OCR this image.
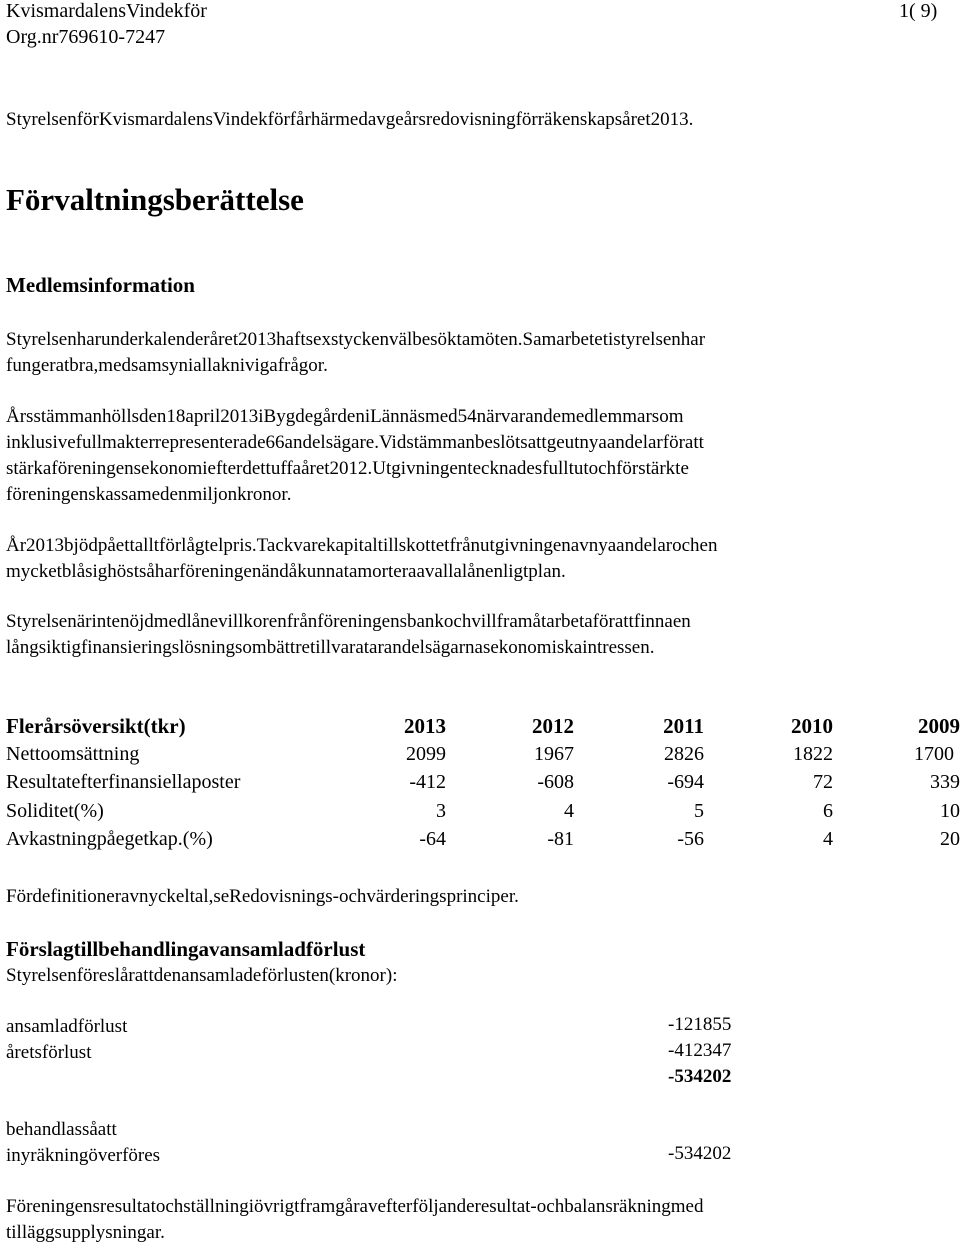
KvismardalensVindekför	1( 9)
Org.nr769610-7247
StyrelsenförKvismardalensVindekförfårhärmedavgeårsredovisningförräkenskapsåret2013.
Förvaltningsberättelse
Medlemsinformation
Styrelsenharunderkalenderåret2013haftsexstyckenvälbesöktamöten.Samarbetetistyrelsenhar
fungeratbra,medsamsyniallaknivigafrågor.
Årsstämmanhöllsden18april2013iBygdegårdeniLännäsmed54närvarandemedlemmarsom
inklusivefullmakterrepresenterade66andelsägare.Vidstämmanbeslötsattgeutnyaandelarföratt
stärkaföreningensekonomiefterdettuffaåret2012.Utgivningentecknadesfulltutochförstärkte
föreningenskassamedenmiljonkronor.
År2013bjödpåettalltförlågtelpris.Tackvarekapitaltillskottetfrånutgivningenavnyaandelarochen
mycketblåsighöstsåharföreningenändåkunnatamorteraavallalånenligtplan.
Styrelsenärintenöjdmedlånevillkorenfrånföreningensbankochvillframåtarbetaförattfinnaen
långsiktigfinansieringslösningsombättretillvaratarandelsägarnasekonomiskaintressen.
Flerårsöversikt(tkr)	2013	2012	2011	2010	2009
Nettoomsättning	2099	1967	2826	1822	1700
Resultatefterfinansiellaposter	-412	-608	-694	72	339
Soliditet(%)	3	4	5	6	10
Avkastningpåegetkap.(%)	-64	-81	-56	4	20
Fördefinitioneravnyckeltal,seRedovisnings-ochvärderingsprinciper.
Förslagtillbehandlingavansamladförlust
Styrelsenföreslårattdenansamladeförlusten(kronor):
ansamladförlust	-121855
åretsförlust	-412347
-534202
behandlassåatt
inyräkningöverföres	-534202
Föreningensresultatochställningiövrigtframgåravefterföljanderesultat-ochbalansräkningmed
tilläggsupplysningar.
